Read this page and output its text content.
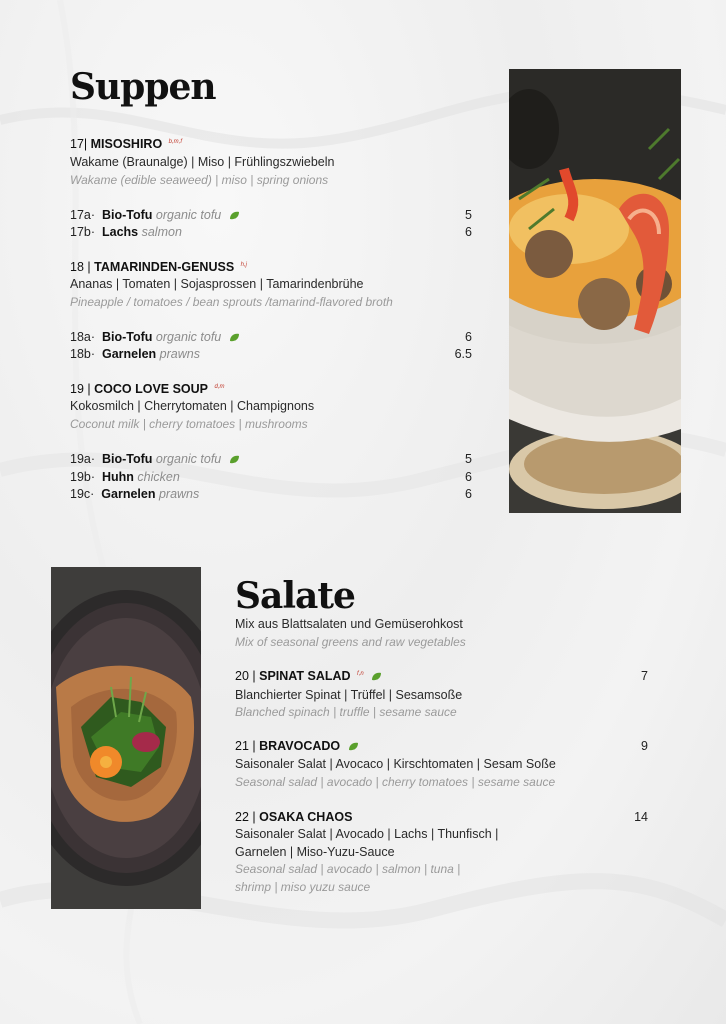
Suppen
17| MISOSHIRO $^{b,m,f}$
Wakame (Braunalge) | Miso | Frühlingszwiebeln
Wakame (edible seaweed) | miso | spring onions
17a· Bio-Tofu organic tofu	5
17b· Lachs salmon	6
18 | TAMARINDEN-GENUSS $^{h,j}$
Ananas | Tomaten | Sojasprossen | Tamarindenbrühe
Pineapple / tomatoes / bean sprouts /tamarind-flavored broth
18a· Bio-Tofu organic tofu	6
18b· Garnelen prawns	6.5
19 | COCO LOVE SOUP $^{d,m}$
Kokosmilch | Cherrytomaten | Champignons
Coconut milk | cherry tomatoes | mushrooms
19a· Bio-Tofu organic tofu	5
19b· Huhn chicken	6
19c· Garnelen prawns	6
Salate
Mix aus Blattsalaten und Gemüserohkost
Mix of seasonal greens and raw vegetables
20 | SPINAT SALAD $^{f,n}$	7
Blanchierter Spinat | Trüffel | Sesamsoße
Blanched spinach | truffle | sesame sauce
21 | BRAVOCADO	9
Saisonaler Salat | Avocaco | Kirschtomaten | Sesam Soße
Seasonal salad | avocado | cherry tomatoes | sesame sauce
22 | OSAKA CHAOS	14
Saisonaler Salat | Avocado | Lachs | Thunfisch |
Garnelen | Miso-Yuzu-Sauce
Seasonal salad | avocado | salmon | tuna |
shrimp | miso yuzu sauce
